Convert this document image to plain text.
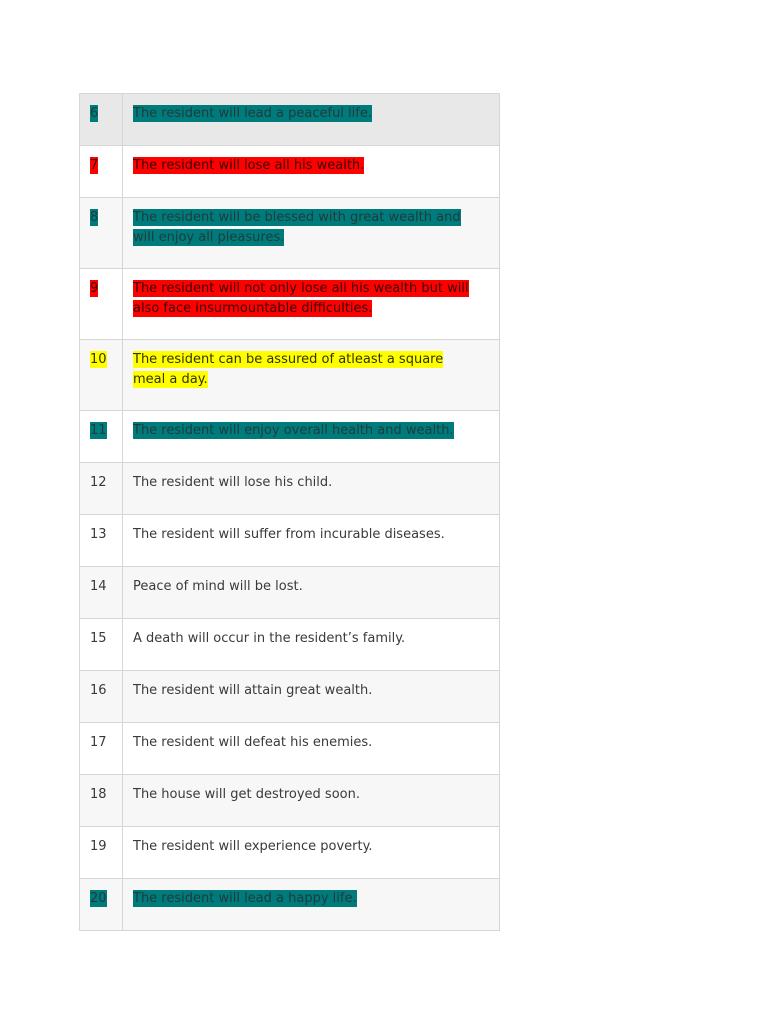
6	The resident will lead a peaceful life.
7	The resident will lose all his wealth.
8	The resident will be blessed with great wealth and will enjoy all pleasures.
9	The resident will not only lose all his wealth but will also face insurmountable difficulties.
10	The resident can be assured of atleast a square meal a day.
11	The resident will enjoy overall health and wealth.
12	The resident will lose his child.
13	The resident will suffer from incurable diseases.
14	Peace of mind will be lost.
15	A death will occur in the resident’s family.
16	The resident will attain great wealth.
17	The resident will defeat his enemies.
18	The house will get destroyed soon.
19	The resident will experience poverty.
20	The resident will lead a happy life.
